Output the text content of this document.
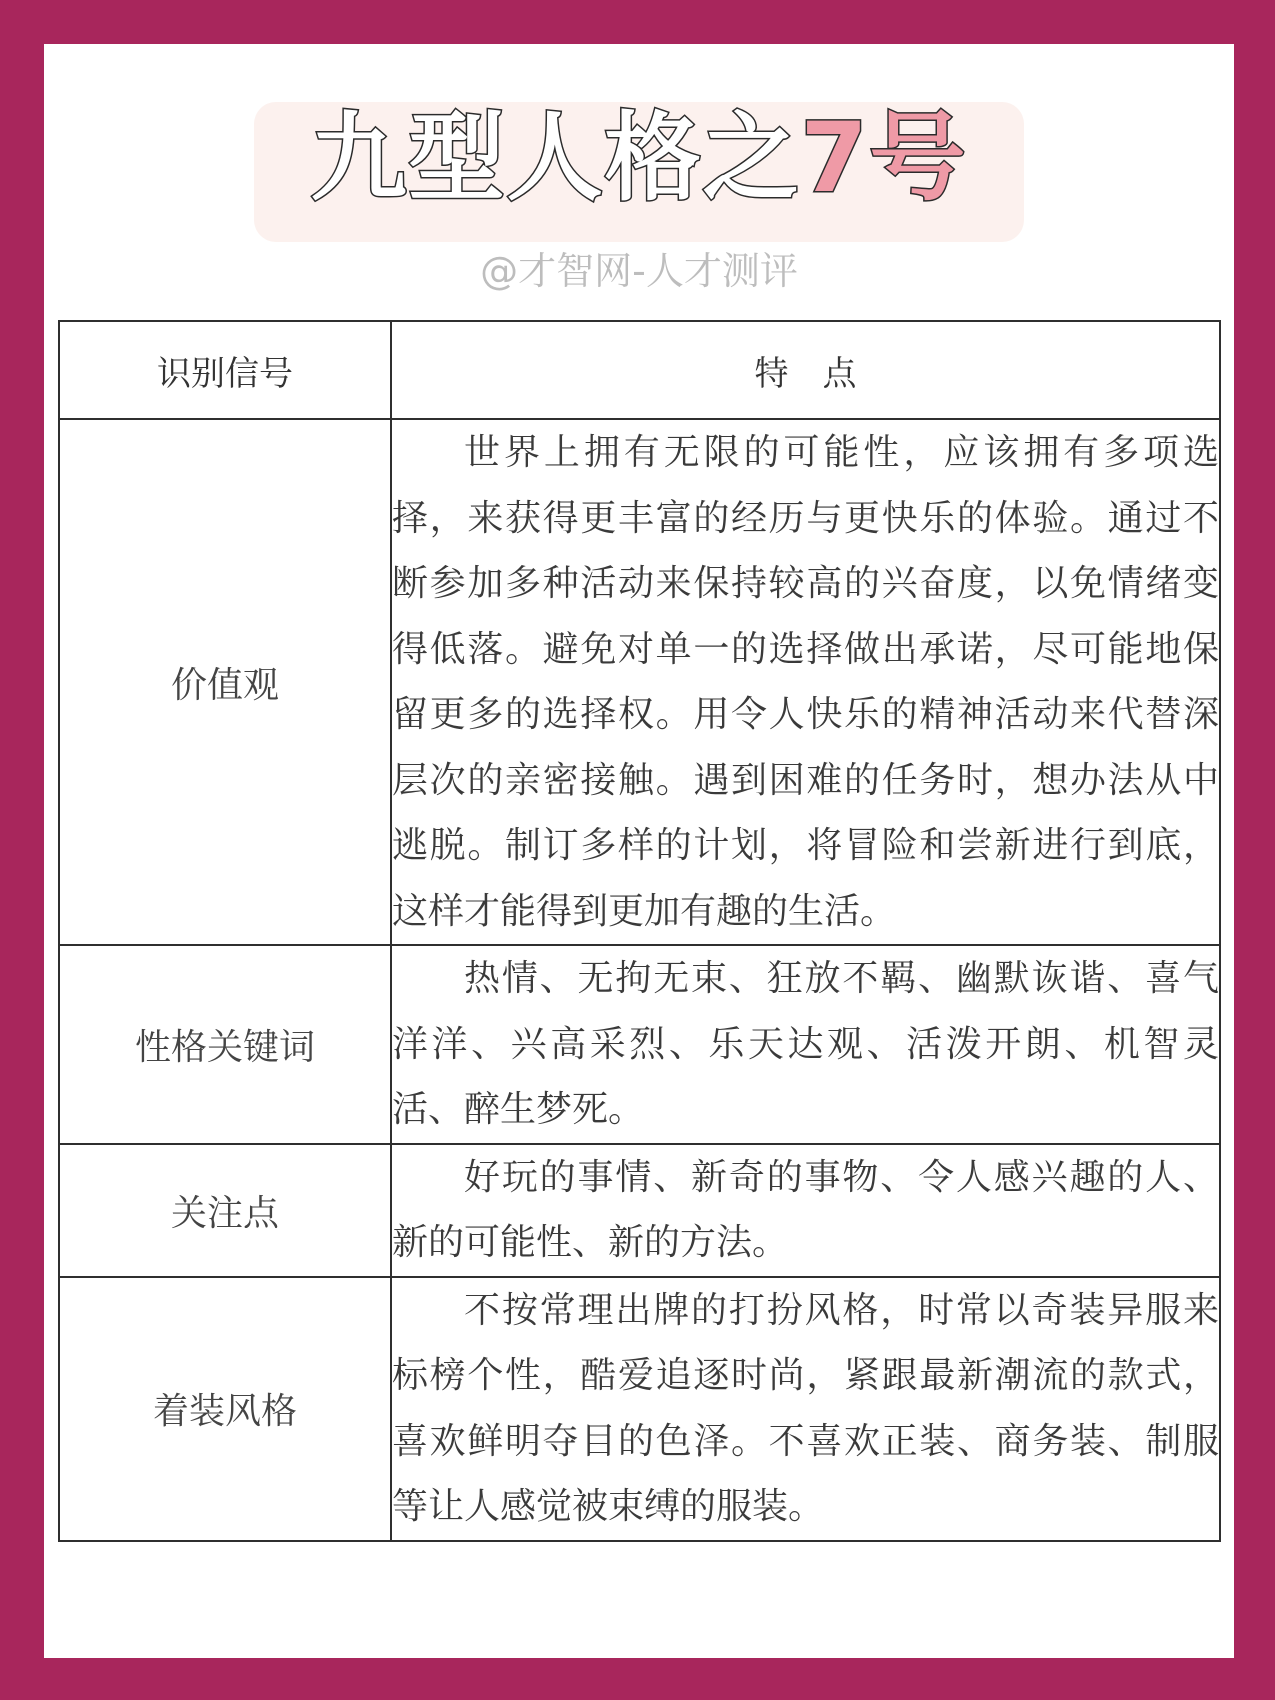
九型人格之7号
@才智网-人才测评
识别信号	特　点
价值观	世界上拥有无限的可能性，应该拥有多项选择，来获得更丰富的经历与更快乐的体验。通过不断参加多种活动来保持较高的兴奋度，以免情绪变得低落。避免对单一的选择做出承诺，尽可能地保留更多的选择权。用令人快乐的精神活动来代替深层次的亲密接触。遇到困难的任务时，想办法从中逃脱。制订多样的计划，将冒险和尝新进行到底，这样才能得到更加有趣的生活。
性格关键词	热情、无拘无束、狂放不羁、幽默诙谐、喜气洋洋、兴高采烈、乐天达观、活泼开朗、机智灵活、醉生梦死。
关注点	好玩的事情、新奇的事物、令人感兴趣的人、新的可能性、新的方法。
着装风格	不按常理出牌的打扮风格，时常以奇装异服来标榜个性，酷爱追逐时尚，紧跟最新潮流的款式，喜欢鲜明夺目的色泽。不喜欢正装、商务装、制服等让人感觉被束缚的服装。
